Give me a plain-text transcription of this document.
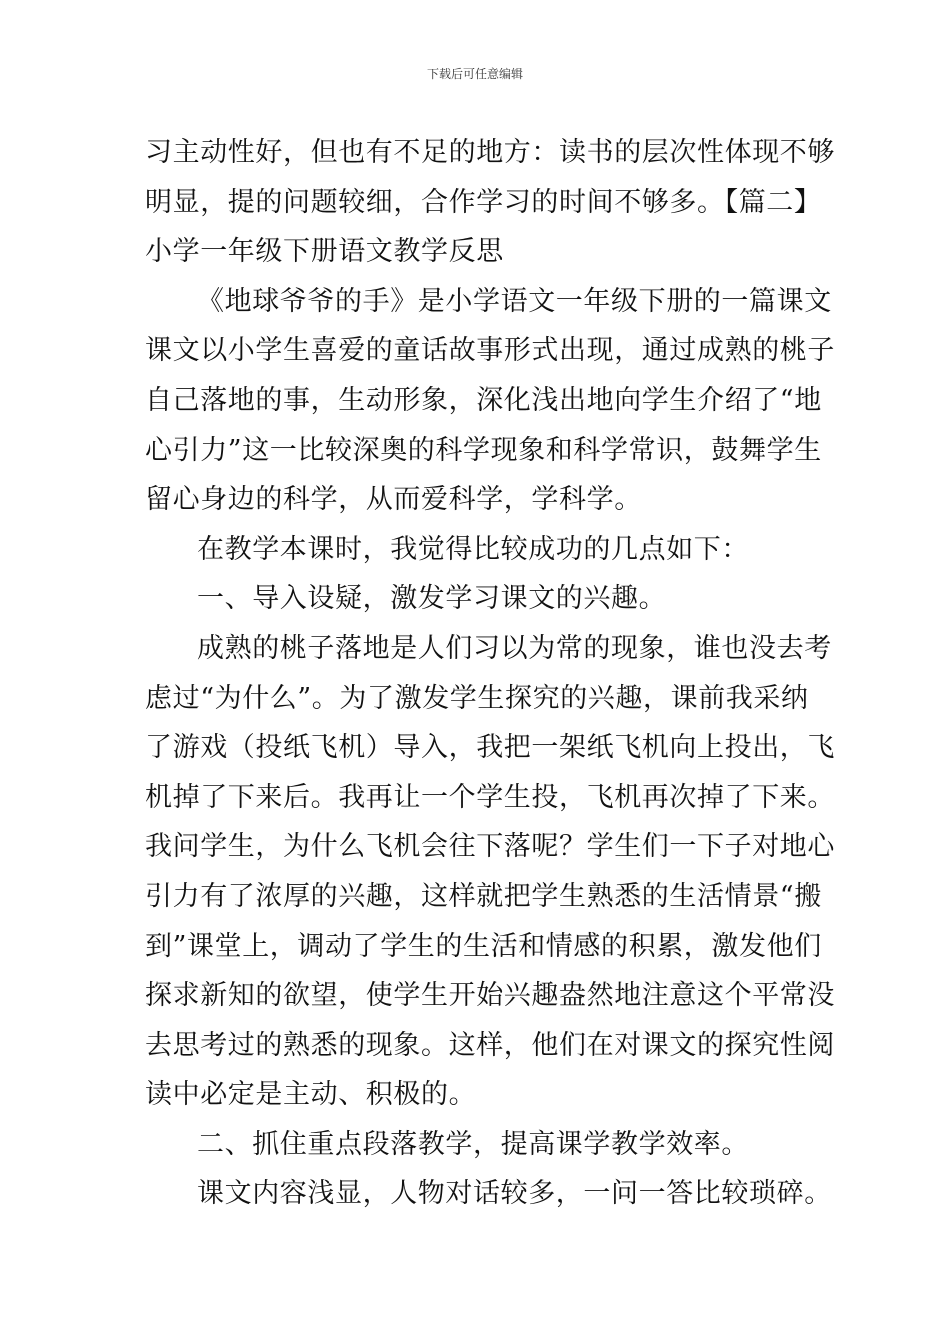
下载后可任意编辑
习主动性好，但也有不足的地方：读书的层次性体现不够
明显，提的问题较细，合作学习的时间不够多。【篇二】
小学一年级下册语文教学反思
《地球爷爷的手》是小学语文一年级下册的一篇课文
课文以小学生喜爱的童话故事形式出现，通过成熟的桃子
自己落地的事，生动形象，深化浅出地向学生介绍了“地
心引力”这一比较深奥的科学现象和科学常识，鼓舞学生
留心身边的科学，从而爱科学，学科学。
在教学本课时，我觉得比较成功的几点如下：
一、导入设疑，激发学习课文的兴趣。
成熟的桃子落地是人们习以为常的现象，谁也没去考
虑过“为什么”。为了激发学生探究的兴趣，课前我采纳
了游戏（投纸飞机）导入，我把一架纸飞机向上投出，飞
机掉了下来后。我再让一个学生投，飞机再次掉了下来。
我问学生，为什么飞机会往下落呢？学生们一下子对地心
引力有了浓厚的兴趣，这样就把学生熟悉的生活情景“搬
到”课堂上，调动了学生的生活和情感的积累，激发他们
探求新知的欲望，使学生开始兴趣盎然地注意这个平常没
去思考过的熟悉的现象。这样，他们在对课文的探究性阅
读中必定是主动、积极的。
二、抓住重点段落教学，提高课学教学效率。
课文内容浅显，人物对话较多，一问一答比较琐碎。
